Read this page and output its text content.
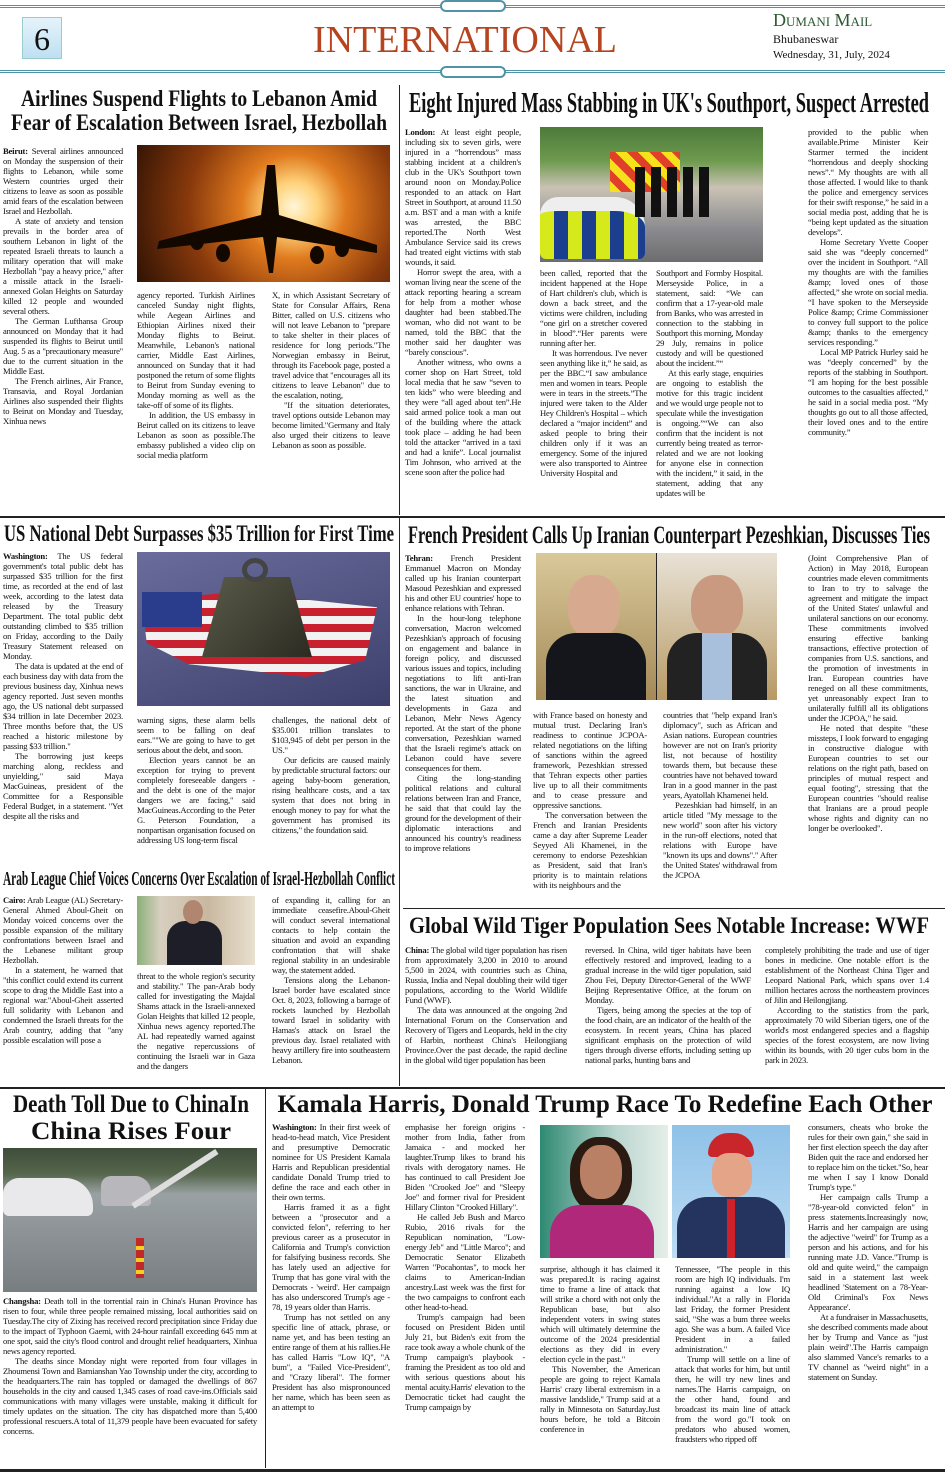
6	INTERNATIONAL	Dumani Mail
Bhubaneswar
Wednesday, 31, July, 2024
Airlines Suspend Flights to Lebanon Amid
Fear of Escalation Between Israel, Hezbollah

Beirut: Several airlines announced on Monday the suspension of their flights to Lebanon, while some Western countries urged their citizens to leave as soon as possible amid fears of the escalation between Israel and Hezbollah.

A state of anxiety and tension prevails in the border area of southern Lebanon in light of the repeated Israeli threats to launch a military operation that will make Hezbollah "pay a heavy price," after a missile attack in the Israeli-annexed Golan Heights on Saturday killed 12 people and wounded several others.

The German Lufthansa Group announced on Monday that it had suspended its flights to Beirut until Aug. 5 as a "precautionary measure" due to the current situation in the Middle East.

The French airlines, Air France, Transavia, and Royal Jordanian Airlines also suspended their flights to Beirut on Monday and Tuesday, Xinhua news

agency reported. Turkish Airlines canceled Sunday night flights, while Aegean Airlines and Ethiopian Airlines nixed their Monday flights to Beirut. Meanwhile, Lebanon's national carrier, Middle East Airlines, announced on Sunday that it had postponed the return of some flights to Beirut from Sunday evening to Monday morning as well as the take-off of some of its flights.

In addition, the US embassy in Beirut called on its citizens to leave Lebanon as soon as possible.The embassy published a video clip on social media platform

X, in which Assistant Secretary of State for Consular Affairs, Rena Bitter, called on U.S. citizens who will not leave Lebanon to "prepare to take shelter in their places of residence for long periods."The Norwegian embassy in Beirut, through its Facebook page, posted a travel advice that "encourages all its citizens to leave Lebanon" due to the escalation, noting,

"If the situation deteriorates, travel options outside Lebanon may become limited."Germany and Italy also urged their citizens to leave Lebanon as soon as possible.

Eight Injured Mass Stabbing in UK's Southport, Suspect Arrested

London: At least eight people, including six to seven girls, were injured in a “horrendous” mass stabbing incident at a children's club in the UK's Southport town around noon on Monday.Police responded to an attack on Hart Street in Southport, at around 11.50 a.m. BST and a man with a knife was arrested, the BBC reported.The North West Ambulance Service said its crews had treated eight victims with stab wounds, it said.

Horror swept the area, with a woman living near the scene of the attack reporting hearing a scream for help from a mother whose daughter had been stabbed.The woman, who did not want to be named, told the BBC that the mother said her daughter was “barely conscious”.

Another witness, who owns a corner shop on Hart Street, told local media that he saw “seven to ten kids” who were bleeding and they were “all aged about ten”.He said armed police took a man out of the building where the attack took place – adding he had been told the attacker “arrived in a taxi and had a knife”. Local journalist Tim Johnson, who arrived at the scene soon after the police had

been called, reported that the incident happened at the Hope of Hart children's club, which is down a back street, and the victims were children, including “one girl on a stretcher covered in blood”.“Her parents were running after her.

It was horrendous. I've never seen anything like it,” he said, as per the BBC.“I saw ambulance men and women in tears. People were in tears in the streets.”The injured were taken to the Alder Hey Children's Hospital – which declared a “major incident” and asked people to bring their children only if it was an emergency. Some of the injured were also transported to Aintree University Hospital and

Southport and Formby Hospital. Merseyside Police, in a statement, said: “We can confirm that a 17-year-old male from Banks, who was arrested in connection to the stabbing in Southport this morning, Monday 29 July, remains in police custody and will be questioned about the incident.”“

At this early stage, enquiries are ongoing to establish the motive for this tragic incident and we would urge people not to speculate while the investigation is ongoing.”“We can also confirm that the incident is not currently being treated as terror-related and we are not looking for anyone else in connection with the incident,” it said, in the statement, adding that any updates will be

provided to the public when available.Prime Minister Keir Starmer termed the incident “horrendous and deeply shocking news”.“ My thoughts are with all those affected. I would like to thank the police and emergency services for their swift response,” he said in a social media post, adding that he is “being kept updated as the situation develops”.

Home Secretary Yvette Cooper said she was “deeply concerned” over the incident in Southport. “All my thoughts are with the families &amp; loved ones of those affected,” she wrote on social media. “I have spoken to the Merseyside Police &amp; Crime Commissioner to convey full support to the police &amp; thanks to the emergency services responding.”

Local MP Patrick Hurley said he was “deeply concerned” by the reports of the stabbing in Southport. “I am hoping for the best possible outcomes to the casualties affected,” he said in a social media post. “My thoughts go out to all those affected, their loved ones and to the entire community.”

US National Debt Surpasses $35 Trillion for First Time

Washington: The US federal government's total public debt has surpassed $35 trillion for the first time, as recorded at the end of last week, according to the latest data released by the Treasury Department. The total public debt outstanding climbed to $35 trillion on Friday, according to the Daily Treasury Statement released on Monday.

The data is updated at the end of each business day with data from the previous business day, Xinhua news agency reported. Just seven months ago, the US national debt surpassed $34 trillion in late December 2023. Three months before that, the US reached a historic milestone by passing $33 trillion."

The borrowing just keeps marching along, reckless and unyielding," said Maya MacGuineas, president of the Committee for a Responsible Federal Budget, in a statement. "Yet despite all the risks and

warning signs, these alarm bells seem to be falling on deaf ears.""We are going to have to get serious about the debt, and soon.

Election years cannot be an exception for trying to prevent completely foreseeable dangers - and the debt is one of the major dangers we are facing," said MacGuineas.According to the Peter G. Peterson Foundation, a nonpartisan organisation focused on addressing US long-term fiscal

challenges, the national debt of $35.001 trillion translates to $103,945 of debt per person in the US."

Our deficits are caused mainly by predictable structural factors: our ageing baby-boom generation, rising healthcare costs, and a tax system that does not bring in enough money to pay for what the government has promised its citizens," the foundation said.

Arab League Chief Voices Concerns Over Escalation of Israel-Hezbollah Conflict

Cairo: Arab League (AL) Secretary-General Ahmed Aboul-Gheit on Monday voiced concerns over the possible expansion of the military confrontations between Israel and the Lebanese militant group Hezbollah.

In a statement, he warned that "this conflict could extend its current scope to drag the Middle East into a regional war."Aboul-Gheit asserted full solidarity with Lebanon and condemned the Israeli threats for the Arab country, adding that "any possible escalation will pose a

threat to the whole region's security and stability." The pan-Arab body called for investigating the Majdal Shams attack in the Israeli-annexed Golan Heights that killed 12 people, Xinhua news agency reported.The AL had repeatedly warned against the negative repercussions of continuing the Israeli war in Gaza and the dangers

of expanding it, calling for an immediate ceasefire.Aboul-Gheit will conduct several international contacts to help contain the situation and avoid an expanding confrontation that will shake regional stability in an undesirable way, the statement added.

Tensions along the Lebanon-Israel border have escalated since Oct. 8, 2023, following a barrage of rockets launched by Hezbollah toward Israel in solidarity with Hamas's attack on Israel the previous day. Israel retaliated with heavy artillery fire into southeastern Lebanon.

French President Calls Up Iranian Counterpart Pezeshkian, Discusses Ties

Tehran: French President Emmanuel Macron on Monday called up his Iranian counterpart Masoud Pezeshkian and expressed his and other EU countries' hope to enhance relations with Tehran.

In the hour-long telephone conversation, Macron welcomed Pezeshkian's approach of focusing on engagement and balance in foreign policy, and discussed various issues and topics, including negotiations to lift anti-Iran sanctions, the war in Ukraine, and the latest situation and developments in Gaza and Lebanon, Mehr News Agency reported. At the start of the phone conversation, Pezeshkian warned that the Israeli regime's attack on Lebanon could have severe consequences for them.

Citing the long-standing political relations and cultural relations between Iran and France, he said that that could lay the ground for the development of their diplomatic interactions and announced his country's readiness to improve relations

with France based on honesty and mutual trust. Declaring Iran's readiness to continue JCPOA-related negotiations on the lifting of sanctions within the agreed framework, Pezeshkian stressed that Tehran expects other parties live up to all their commitments and to cease pressure and oppressive sanctions.

The conversation between the French and Iranian Presidents came a day after Supreme Leader Seyyed Ali Khamenei, in the ceremony to endorse Pezeshkian as President, said that Iran's priority is to maintain relations with its neighbours and the

countries that "help expand Iran's diplomacy", such as African and Asian nations. European countries however are not on Iran's priority list, not because of hostility towards them, but because these countries have not behaved toward Iran in a good manner in the past years, Ayatollah Khamenei held.

Pezeshkian had himself, in an article titled "My message to the new world" soon after his victory in the run-off elections, noted that relations with Europe have "known its ups and downs"." After the United States' withdrawal from the JCPOA

(Joint Comprehensive Plan of Action) in May 2018, European countries made eleven commitments to Iran to try to salvage the agreement and mitigate the impact of the United States' unlawful and unilateral sanctions on our economy. These commitments involved ensuring effective banking transactions, effective protection of companies from U.S. sanctions, and the promotion of investments in Iran. European countries have reneged on all these commitments, yet unreasonably expect Iran to unilaterally fulfill all its obligations under the JCPOA," he said.

He noted that despite "these missteps, I look forward to engaging in constructive dialogue with European countries to set our relations on the right path, based on principles of mutual respect and equal footing", stressing that the European countries "should realise that Iranians are a proud people whose rights and dignity can no longer be overlooked".

Global Wild Tiger Population Sees Notable Increase: WWF

China: The global wild tiger population has risen from approximately 3,200 in 2010 to around 5,500 in 2024, with countries such as China, Russia, India and Nepal doubling their wild tiger populations, according to the World Wildlife Fund (WWF).

The data was announced at the ongoing 2nd International Forum on the Conservation and Recovery of Tigers and Leopards, held in the city of Harbin, northeast China's Heilongjiang Province.Over the past decade, the rapid decline in the global wild tiger population has been

reversed. In China, wild tiger habitats have been effectively restored and improved, leading to a gradual increase in the wild tiger population, said Zhou Fei, Deputy Director-General of the WWF Beijing Representative Office, at the forum on Monday.

Tigers, being among the species at the top of the food chain, are an indicator of the health of the ecosystem. In recent years, China has placed significant emphasis on the protection of wild tigers through diverse efforts, including setting up national parks, hunting bans and

completely prohibiting the trade and use of tiger bones in medicine. One notable effort is the establishment of the Northeast China Tiger and Leopard National Park, which spans over 1.4 million hectares across the northeastern provinces of Jilin and Heilongjiang.

According to the statistics from the park, approximately 70 wild Siberian tigers, one of the world's most endangered species and a flagship species of the forest ecosystem, are now living within its bounds, with 20 tiger cubs born in the park in 2023.

Death Toll Due to ChinaIn
China Rises Four

Changsha: Death toll in the torrential rain in China's Hunan Province has risen to four, while three people remained missing, local authorities said on Tuesday.The city of Zixing has received record precipitation since Friday due to the impact of Typhoon Gaemi, with 24-hour rainfall exceeding 645 mm at one spot, said the city's flood control and drought relief headquarters, Xinhua news agency reported.

The deaths since Monday night were reported from four villages in Zhoumensi Town and Bamianshan Yao Township under the city, according to the headquarters.The rain has toppled or damaged the dwellings of 867 households in the city and caused 1,345 cases of road cave-ins.Officials said communications with many villages were unstable, making it difficult for timely updates on the situation. The city has dispatched more than 5,400 professional rescuers.A total of 11,379 people have been evacuated for safety concerns.

Kamala Harris, Donald Trump Race To Redefine Each Other

Washington: In their first week of head-to-head match, Vice President and presumptive Democratic nominee for US President Kamala Harris and Republican presidential candidate Donald Trump tried to define the race and each other in their own terms.

Harris framed it as a fight between a "prosecutor and a convicted felon", referring to her previous career as a prosecutor in California and Trump's conviction for falsifying business records. She has lately used an adjective for Trump that has gone viral with the Democrats - 'weird'. Her campaign has also underscored Trump's age - 78, 19 years older than Harris.

Trump has not settled on any specific line of attack, phrase, or name yet, and has been testing an entire range of them at his rallies.He has called Harris "Low IQ", "A bum", a "Failed Vice-President", and "Crazy liberal". The former President has also mispronounced her name, which has been seen as an attempt to

emphasise her foreign origins - mother from India, father from Jamaica - and mocked her laughter.Trump likes to brand his rivals with derogatory names. He has continued to call President Joe Biden "Crooked Joe" and "Sleepy Joe" and former rival for President Hillary Clinton "Crooked Hillary".

He called Jeb Bush and Marco Rubio, 2016 rivals for the Republican nomination, "Low-energy Jeb" and "Little Marco"; and Democratic Senator Elizabeth Warren "Pocahontas", to mock her claims to American-Indian ancestry.Last week was the first for the two campaigns to confront each other head-to-head.

Trump's campaign had been focused on President Biden until July 21, but Biden's exit from the race took away a whole chunk of the Trump campaign's playbook - framing the President as too old and with serious questions about his mental acuity.Harris' elevation to the Democratic ticket had caught the Trump campaign by

surprise, although it has claimed it was prepared.It is racing against time to frame a line of attack that will strike a chord with not only the Republican base, but also independent voters in swing states which will ultimately determine the outcome of the 2024 presidential elections as they did in every election cycle in the past."

This November, the American people are going to reject Kamala Harris' crazy liberal extremism in a massive landslide," Trump said at a rally in Minnesota on Saturday.Just hours before, he told a Bitcoin conference in

Tennessee, "The people in this room are high IQ individuals. I'm running against a low IQ individual."At a rally in Florida last Friday, the former President said, "She was a bum three weeks ago. She was a bum. A failed Vice President in a failed administration."

Trump will settle on a line of attack that works for him, but until then, he will try new lines and names.The Harris campaign, on the other hand, found and broadcast its main line of attack from the word go."I took on predators who abused women, fraudsters who ripped off

consumers, cheats who broke the rules for their own gain," she said in her first election speech the day after Biden quit the race and endorsed her to replace him on the ticket."So, hear me when I say I know Donald Trump's type."

Her campaign calls Trump a "78-year-old convicted felon" in press statements.Increasingly now, Harris and her campaign are using the adjective "weird" for Trump as a person and his actions, and for his running mate J.D. Vance."Trump is old and quite weird," the campaign said in a statement last week headlined 'Statement on a 78-Year-Old Criminal's Fox News Appearance'.

At a fundraiser in Massachusetts, she described comments made about her by Trump and Vance as "just plain weird".The Harris campaign also slammed Vance's remarks to a TV channel as "weird night" in a statement on Sunday.
